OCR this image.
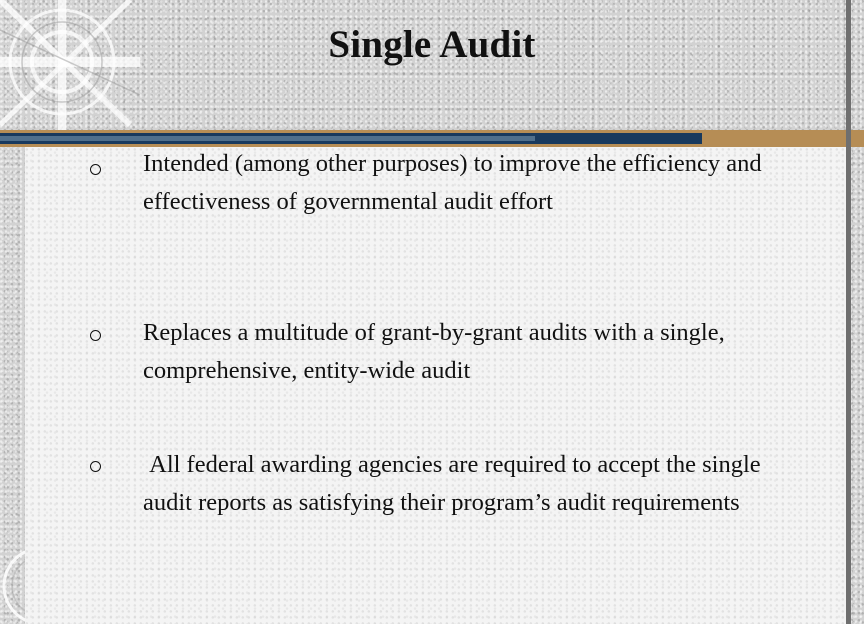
Single Audit
Intended (among other purposes) to improve the efficiency and effectiveness of governmental audit effort
Replaces a multitude of grant-by-grant audits with a single, comprehensive, entity-wide audit
All federal awarding agencies are required to accept the single audit reports as satisfying their program’s audit requirements
